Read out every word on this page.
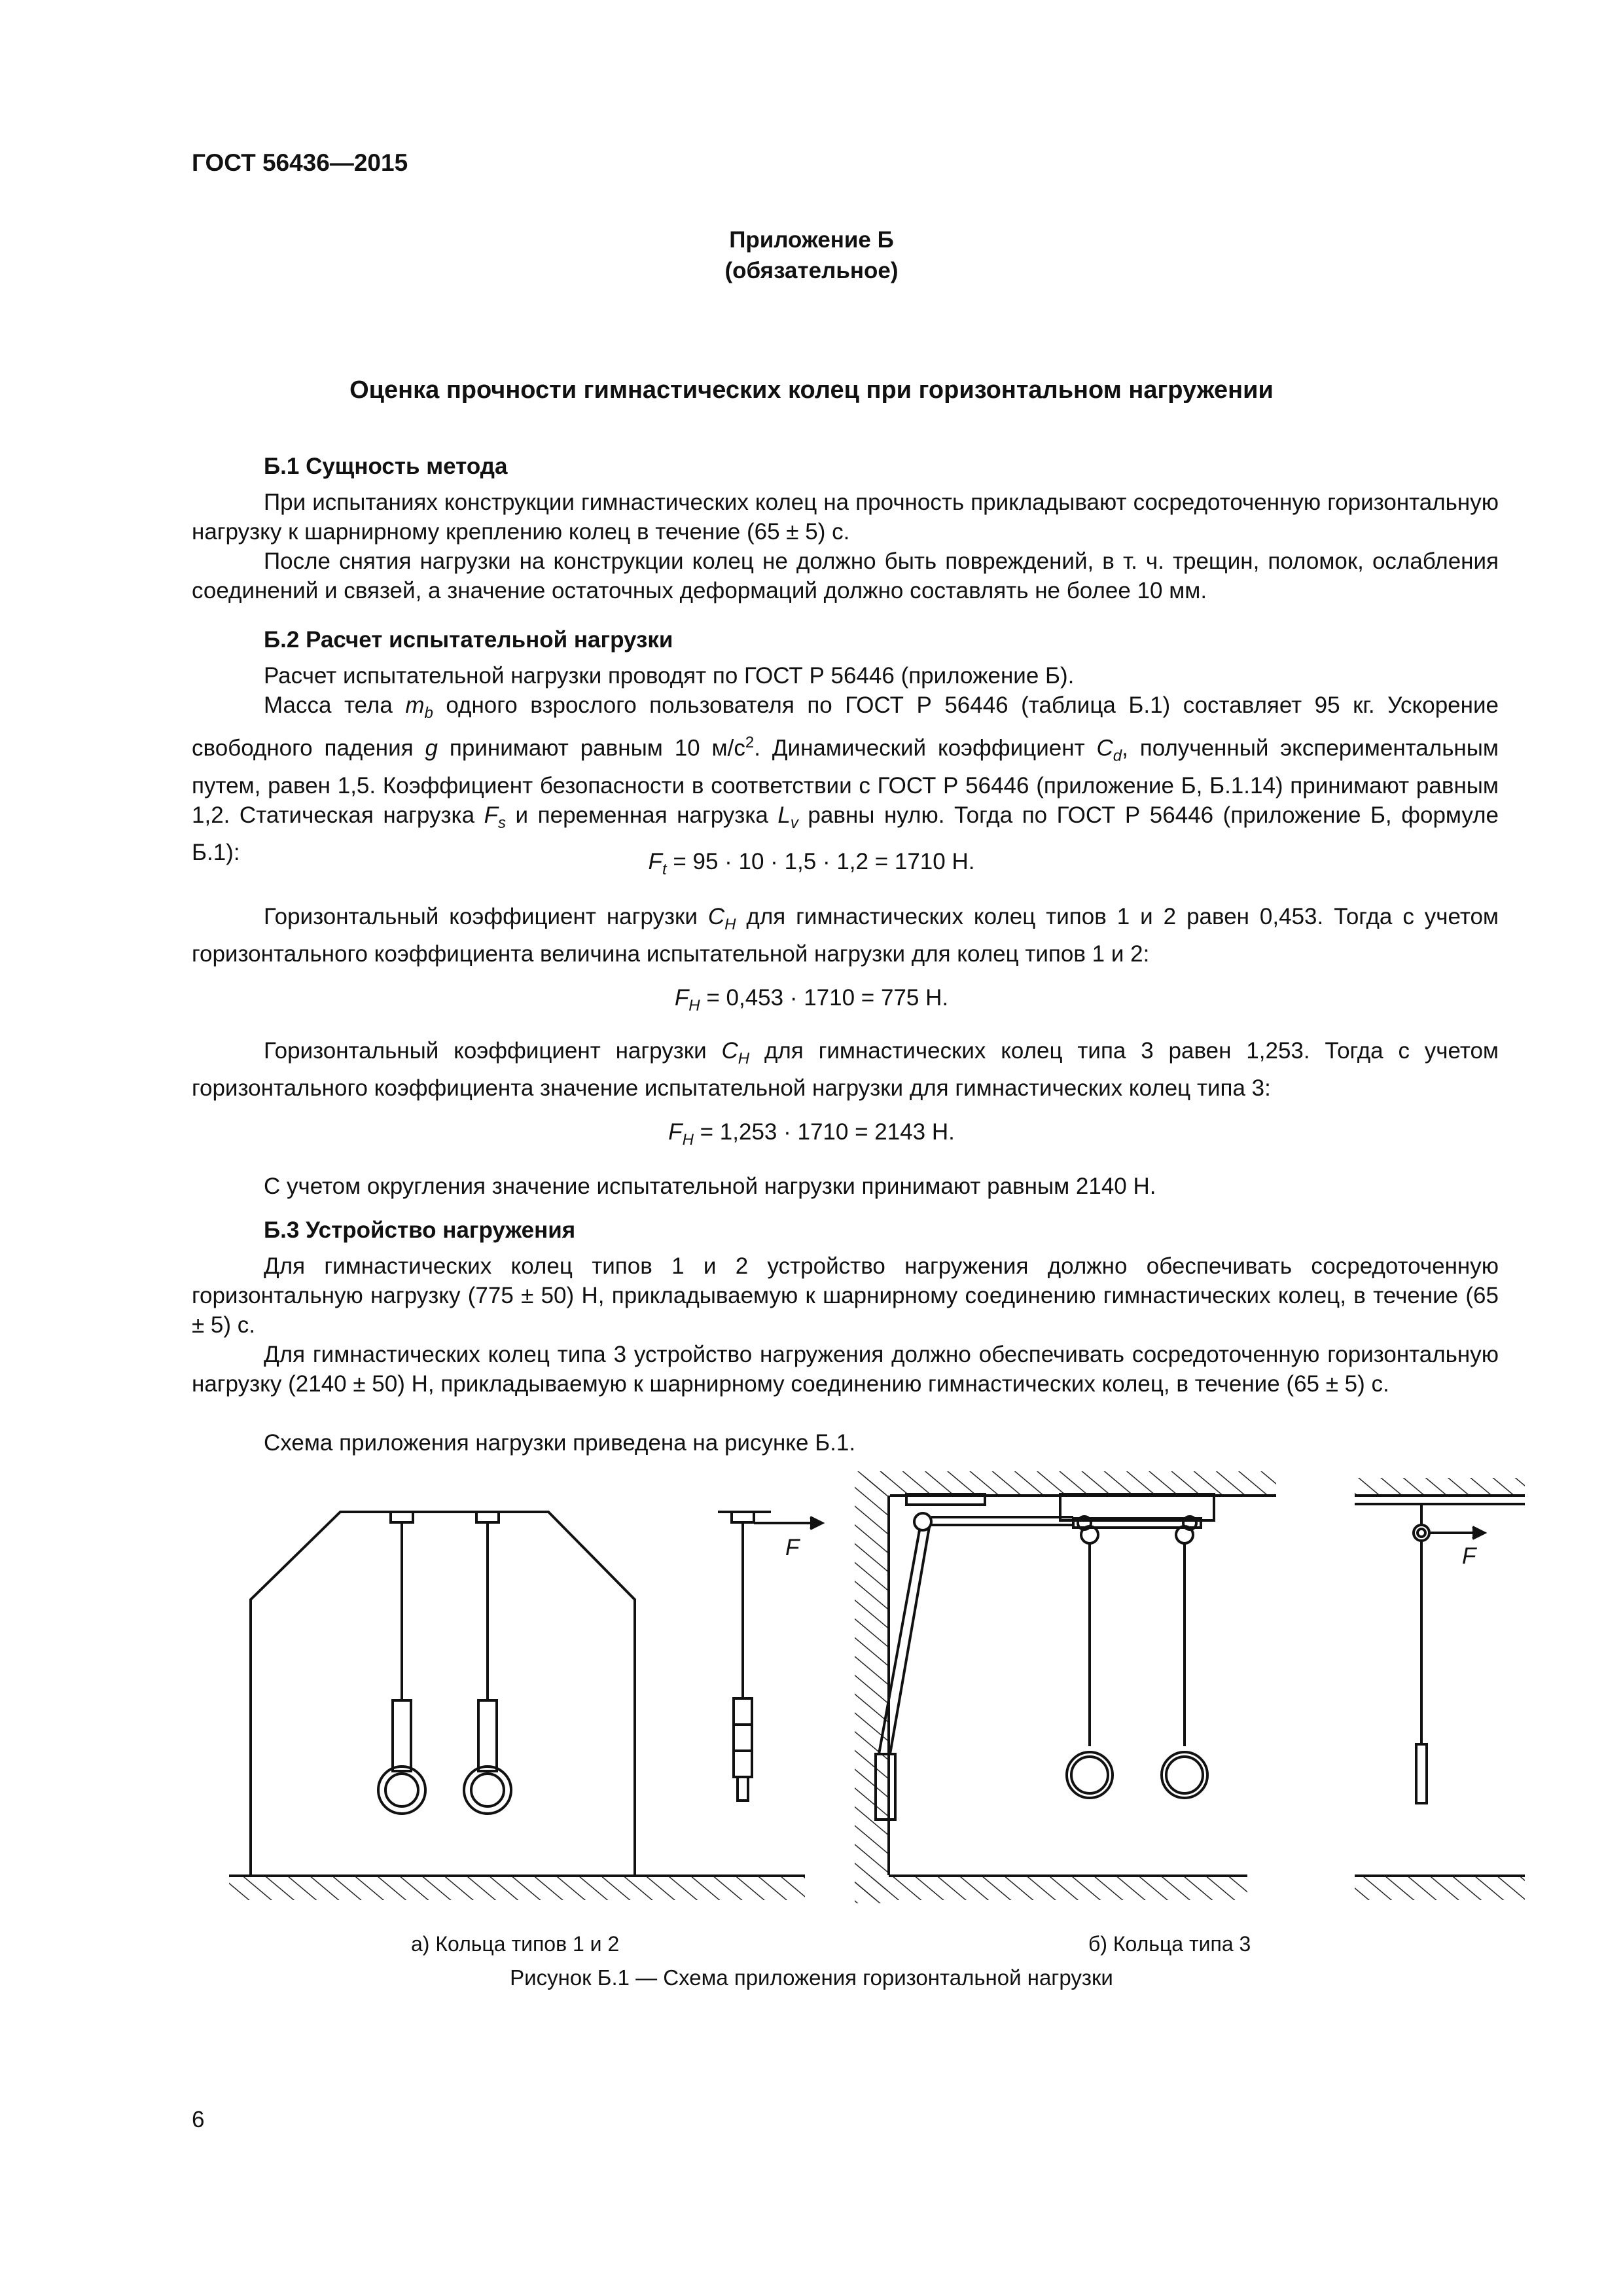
ГОСТ 56436—2015
Приложение Б
(обязательное)
Оценка прочности гимнастических колец при горизонтальном нагружении
Б.1 Сущность метода
При испытаниях конструкции гимнастических колец на прочность прикладывают сосредоточенную горизонтальную нагрузку к шарнирному креплению колец в течение (65 ± 5) с.
После снятия нагрузки на конструкции колец не должно быть повреждений, в т. ч. трещин, поломок, ослабления соединений и связей, а значение остаточных деформаций должно составлять не более 10 мм.
Б.2 Расчет испытательной нагрузки
Расчет испытательной нагрузки проводят по ГОСТ Р 56446 (приложение Б).
Масса тела $m_b$ одного взрослого пользователя по ГОСТ Р 56446 (таблица Б.1) составляет 95 кг. Ускорение свободного падения g принимают равным 10 $м/с^2$. Динамический коэффициент $C_d$, полученный экспериментальным путем, равен 1,5. Коэффициент безопасности в соответствии с ГОСТ Р 56446 (приложение Б, Б.1.14) принимают равным 1,2. Статическая нагрузка $F_s$ и переменная нагрузка $L_v$ равны нулю. Тогда по ГОСТ Р 56446 (приложение Б, формуле Б.1):	$F_t = 95 \cdot 10 \cdot 1,5 \cdot 1,2 = 1710$ Н.
Горизонтальный коэффициент нагрузки $C_H$ для гимнастических колец типов 1 и 2 равен 0,453. Тогда с учетом горизонтального коэффициента величина испытательной нагрузки для колец типов 1 и 2:
$F_H = 0,453 \cdot 1710 = 775$ Н.
Горизонтальный коэффициент нагрузки $C_H$ для гимнастических колец типа 3 равен 1,253. Тогда с учетом горизонтального коэффициента значение испытательной нагрузки для гимнастических колец типа 3:
$F_H = 1,253 \cdot 1710 = 2143$ Н.
С учетом округления значение испытательной нагрузки принимают равным 2140 Н.
Б.3 Устройство нагружения
Для гимнастических колец типов 1 и 2 устройство нагружения должно обеспечивать сосредоточенную горизонтальную нагрузку (775 ± 50) Н, прикладываемую к шарнирному соединению гимнастических колец, в течение (65 ± 5) с.
Для гимнастических колец типа 3 устройство нагружения должно обеспечивать сосредоточенную горизонтальную нагрузку (2140 ± 50) Н, прикладываемую к шарнирному соединению гимнастических колец, в течение (65 ± 5) с.
Схема приложения нагрузки приведена на рисунке Б.1.
F	F
а) Кольца типов 1 и 2	б) Кольца типа 3
Рисунок Б.1 — Схема приложения горизонтальной нагрузки
6
